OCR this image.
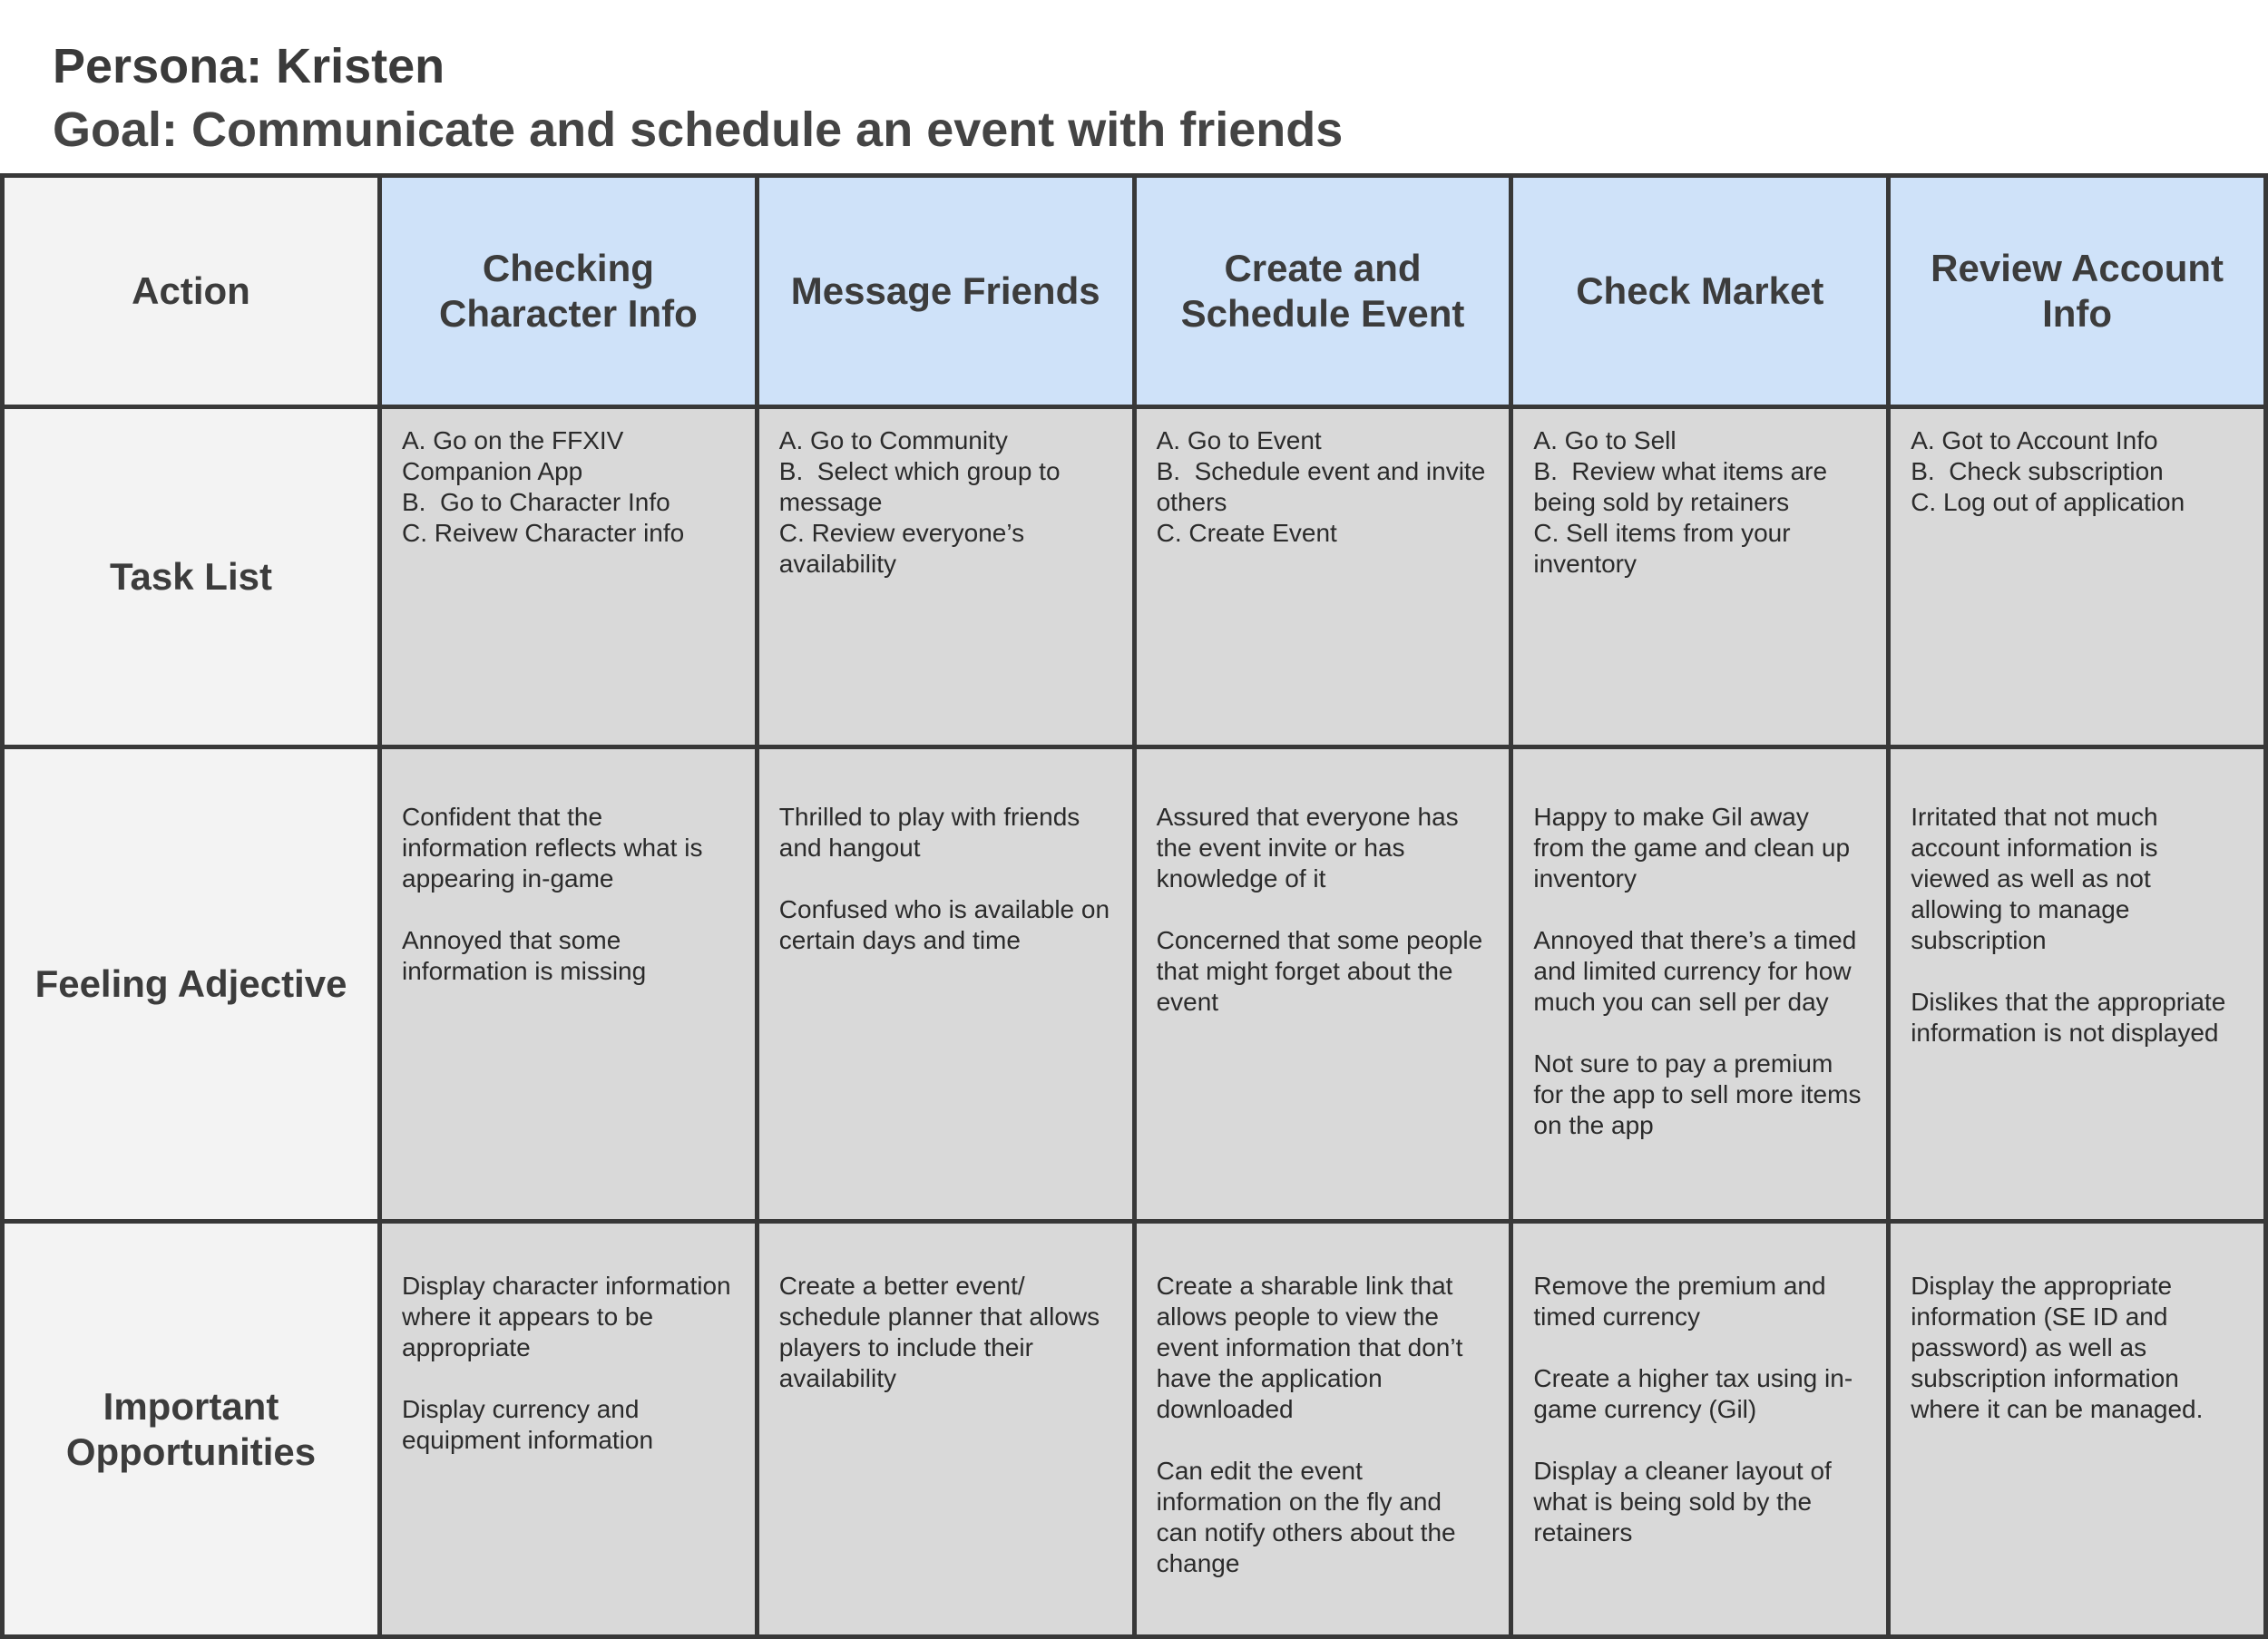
Persona: Kristen
Goal: Communicate and schedule an event with friends
Action
Checking Character Info
Message Friends
Create and Schedule Event
Check Market
Review Account Info
Task List
A. Go on the FFXIV Companion App
B.  Go to Character Info
C. Reivew Character info
A. Go to Community
B.  Select which group to message
C. Review everyone’s availability
A. Go to Event
B.  Schedule event and invite others
C. Create Event
A. Go to Sell
B.  Review what items are being sold by retainers
C. Sell items from your inventory
A. Got to Account Info
B.  Check subscription
C. Log out of application
Feeling Adjective
Confident that the information reflects what is appearing in-game
Annoyed that some information is missing
Thrilled to play with friends and hangout
Confused who is available on certain days and time
Assured that everyone has the event invite or has knowledge of it
Concerned that some people that might forget about the event
Happy to make Gil away from the game and clean up inventory
Annoyed that there’s a timed and limited currency for how much you can sell per day
Not sure to pay a premium for the app to sell more items on the app
Irritated that not much account information is viewed as well as not allowing to manage subscription
Dislikes that the appropriate information is not displayed
Important Opportunities
Display character information where it appears to be appropriate
Display currency and equipment information
Create a better event/ schedule planner that allows players to include their availability
Create a sharable link that allows people to view the event information that don’t have the application downloaded
Can edit the event information on the fly and can notify others about the change
Remove the premium and timed currency
Create a higher tax using in-game currency (Gil)
Display a cleaner layout of what is being sold by the retainers
Display the appropriate information (SE ID and password) as well as subscription information where it can be managed.
